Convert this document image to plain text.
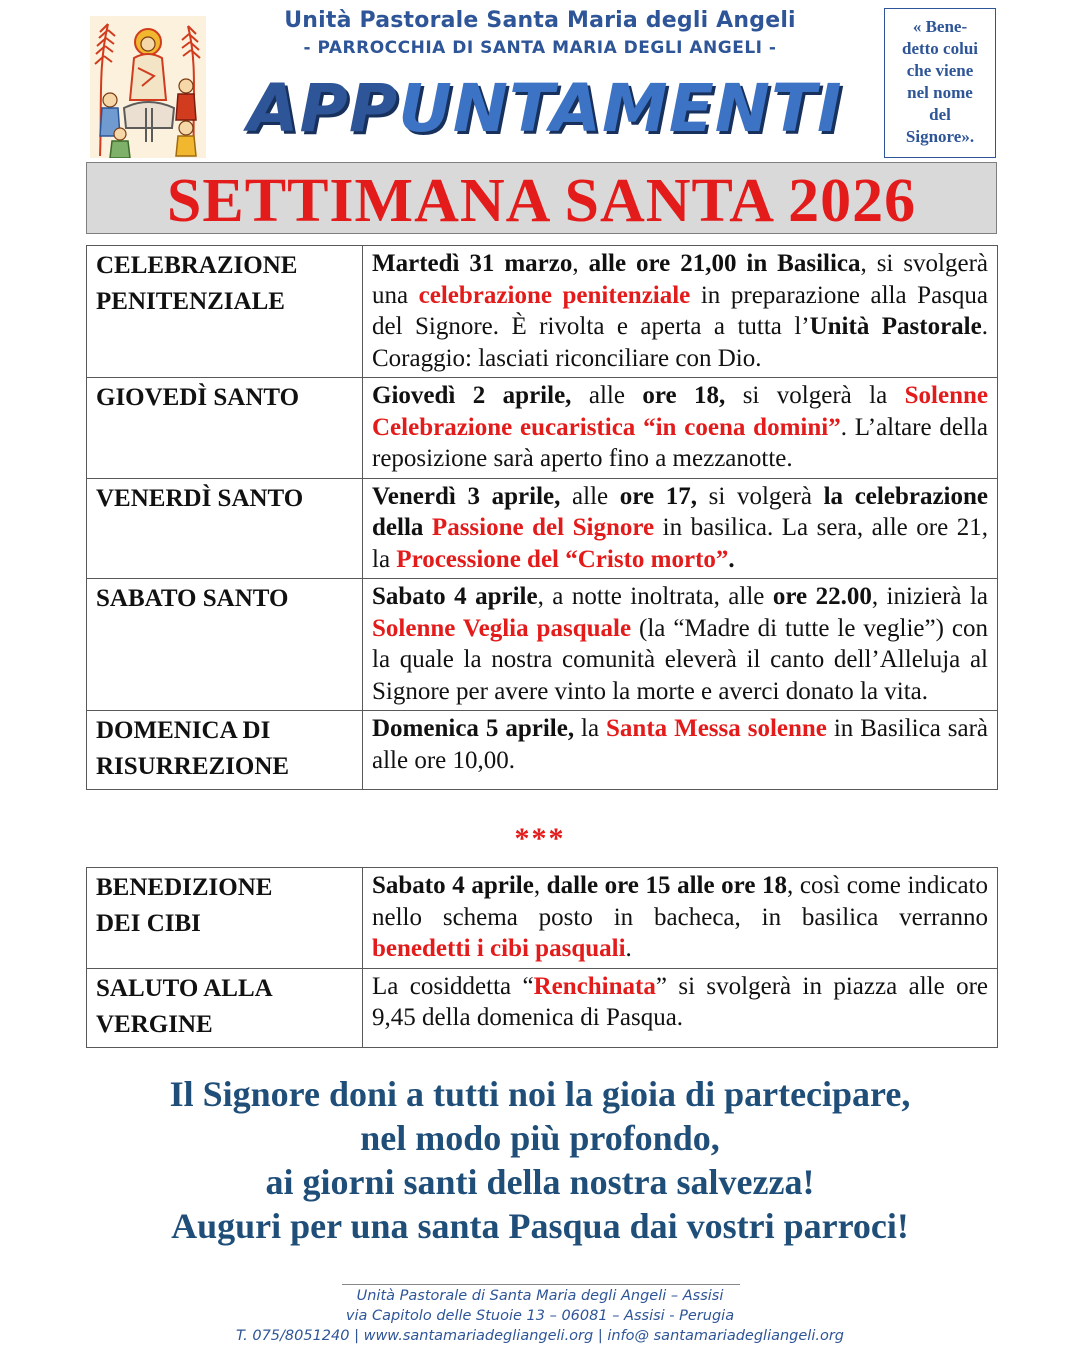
Unità Pastorale Santa Maria degli Angeli
- PARROCCHIA DI SANTA MARIA DEGLI ANGELI -
APPUNTAMENTI
« Bene-
detto colui
che viene
nel nome
del
Signore».
SETTIMANA SANTA 2026
CELEBRAZIONE
PENITENZIALE	Martedì 31 marzo, alle ore 21,00 in Basilica, si svolgerà una celebrazione penitenziale in preparazione alla Pasqua del Signore. È rivolta e aperta a tutta l’Unità Pastorale. Coraggio: lasciati riconciliare con Dio.

GIOVEDÌ SANTO	Giovedì 2 aprile, alle ore 18, si volgerà la Solenne Celebrazione eucaristica “in coena domini”. L’altare della reposizione sarà aperto fino a mezzanotte.

VENERDÌ SANTO	Venerdì 3 aprile, alle ore 17, si volgerà la celebrazione della Passione del Signore in basilica. La sera, alle ore 21, la Processione del “Cristo morto”.

SABATO SANTO	Sabato 4 aprile, a notte inoltrata, alle ore 22.00, inizierà la Solenne Veglia pasquale (la “Madre di tutte le veglie”) con la quale la nostra comunità eleverà il canto dell’Alleluja al Signore per avere vinto la morte e averci donato la vita.

DOMENICA DI
RISURREZIONE	Domenica 5 aprile, la Santa Messa solenne in Basilica sarà alle ore 10,00.
***
BENEDIZIONE
DEI CIBI	Sabato 4 aprile, dalle ore 15 alle ore 18, così come indicato nello schema posto in bacheca, in basilica verranno benedetti i cibi pasquali.

SALUTO ALLA
VERGINE	La cosiddetta “Renchinata” si svolgerà in piazza alle ore 9,45 della domenica di Pasqua.
Il Signore doni a tutti noi la gioia di partecipare,
nel modo più profondo,
ai giorni santi della nostra salvezza!
Auguri per una santa Pasqua dai vostri parroci!
Unità Pastorale di Santa Maria degli Angeli – Assisi
via Capitolo delle Stuoie 13 – 06081 – Assisi - Perugia
T. 075/8051240 | www.santamariadegliangeli.org | info@ santamariadegliangeli.org
